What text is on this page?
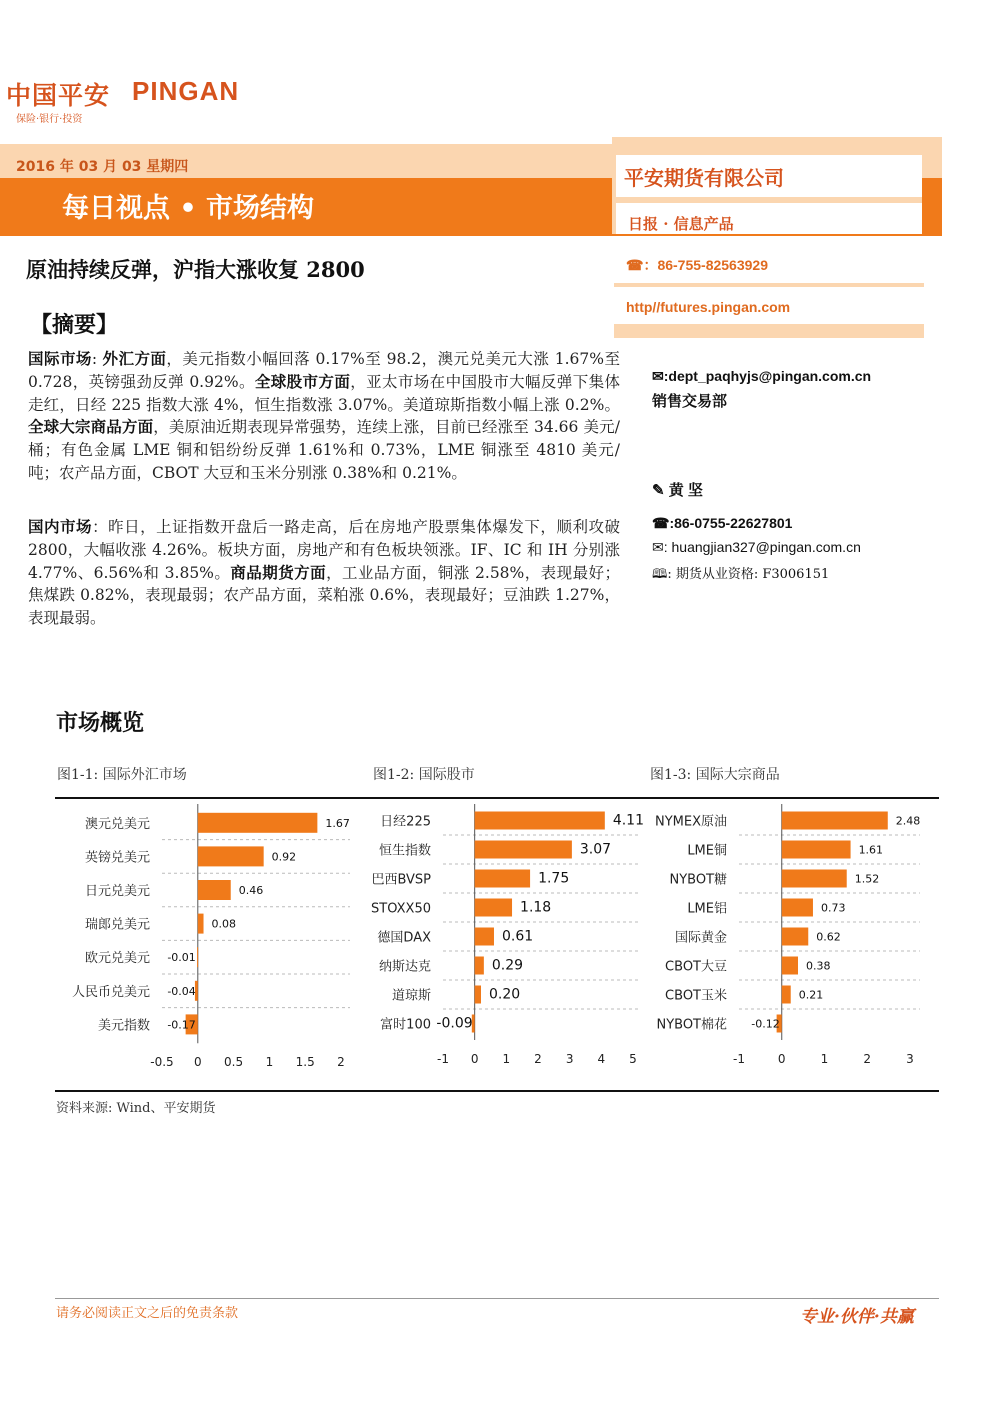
中国平安 PINGAN
保险·银行·投资
2016 年 03 月 03 星期四
每日视点 • 市场结构
平安期货有限公司
日报 · 信息产品
☎：86-755-82563929
http//futures.pingan.com
原油持续反弹，沪指大涨收复 2800
【摘要】
国际市场: 外汇方面，美元指数小幅回落 0.17%至 98.2，澳元兑美元大涨 1.67%至 0.728，英镑强劲反弹 0.92%。全球股市方面，亚太市场在中国股市大幅反弹下集体走红，日经 225 指数大涨 4%，恒生指数涨 3.07%。美道琼斯指数小幅上涨 0.2%。全球大宗商品方面，美原油近期表现异常强势，连续上涨，目前已经涨至 34.66 美元/桶；有色金属 LME 铜和铝纷纷反弹 1.61%和 0.73%，LME 铜涨至 4810 美元/吨；农产品方面，CBOT 大豆和玉米分别涨 0.38%和 0.21%。
国内市场：昨日，上证指数开盘后一路走高，后在房地产股票集体爆发下，顺利攻破 2800，大幅收涨 4.26%。板块方面，房地产和有色板块领涨。IF、IC 和 IH 分别涨 4.77%、6.56%和 3.85%。商品期货方面，工业品方面，铜涨 2.58%，表现最好；焦煤跌 0.82%，表现最弱；农产品方面，菜粕涨 0.6%，表现最好；豆油跌 1.27%，表现最弱。
✉:dept_paqhyjs@pingan.com.cn
销售交易部
✎ 黄 坚
☎:86-0755-22627801
✉: huangjian327@pingan.com.cn
🕮: 期货从业资格: F3006151
市场概览
图1-1: 国际外汇市场	图1-2: 国际股市	图1-3: 国际大宗商品
澳元兑美元	1.67
英镑兑美元	0.92
日元兑美元	0.46
瑞郎兑美元	0.08
欧元兑美元 -0.01
人民币兑美元 -0.04
美元指数 -0.17
-0.5 0 0.5 1 1.5 2
日经225	4.11
恒生指数	3.07
巴西BVSP	1.75
STOXX50	1.18
德国DAX	0.61
纳斯达克	0.29
道琼斯	0.20
富时100 -0.09
-1 0 1 2 3 4 5
NYMEX原油	2.48
LME铜	1.61
NYBOT糖	1.52
LME铝	0.73
国际黄金	0.62
CBOT大豆	0.38
CBOT玉米	0.21
NYBOT棉花 -0.12
-1	0	1	2	3
资料来源: Wind、平安期货
请务必阅读正文之后的免责条款	专业·伙伴·共赢
